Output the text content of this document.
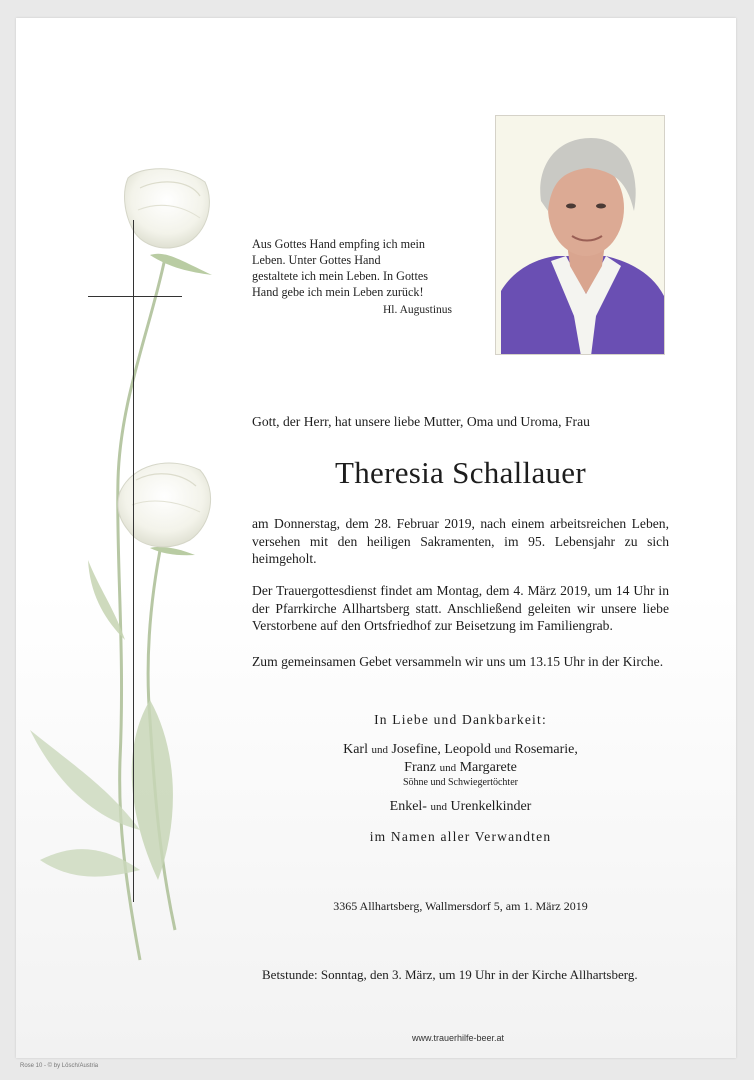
Aus Gottes Hand empfing ich mein
Leben. Unter Gottes Hand
gestaltete ich mein Leben. In Gottes
Hand gebe ich mein Leben zurück!
Hl. Augustinus
Gott, der Herr, hat unsere liebe Mutter, Oma und Uroma, Frau
Theresia Schallauer
am Donnerstag, dem 28. Februar 2019, nach einem arbeitsreichen Leben, versehen mit den heiligen Sakramenten, im 95. Lebensjahr zu sich heimgeholt.
Der Trauergottesdienst findet am Montag, dem 4. März 2019, um 14 Uhr in der Pfarrkirche Allhartsberg statt. Anschließend geleiten wir unsere liebe Verstorbene auf den Ortsfriedhof zur Beisetzung im Familiengrab.
Zum gemeinsamen Gebet versammeln wir uns um 13.15 Uhr in der Kirche.
In Liebe und Dankbarkeit:
Karl und Josefine, Leopold und Rosemarie,
Franz und Margarete
Söhne und Schwiegertöchter
Enkel- und Urenkelkinder
im Namen aller Verwandten
3365 Allhartsberg, Wallmersdorf 5, am 1. März 2019
Betstunde: Sonntag, den 3. März, um 19 Uhr in der Kirche Allhartsberg.
www.trauerhilfe-beer.at
Rose 10 - © by Lösch/Austria
